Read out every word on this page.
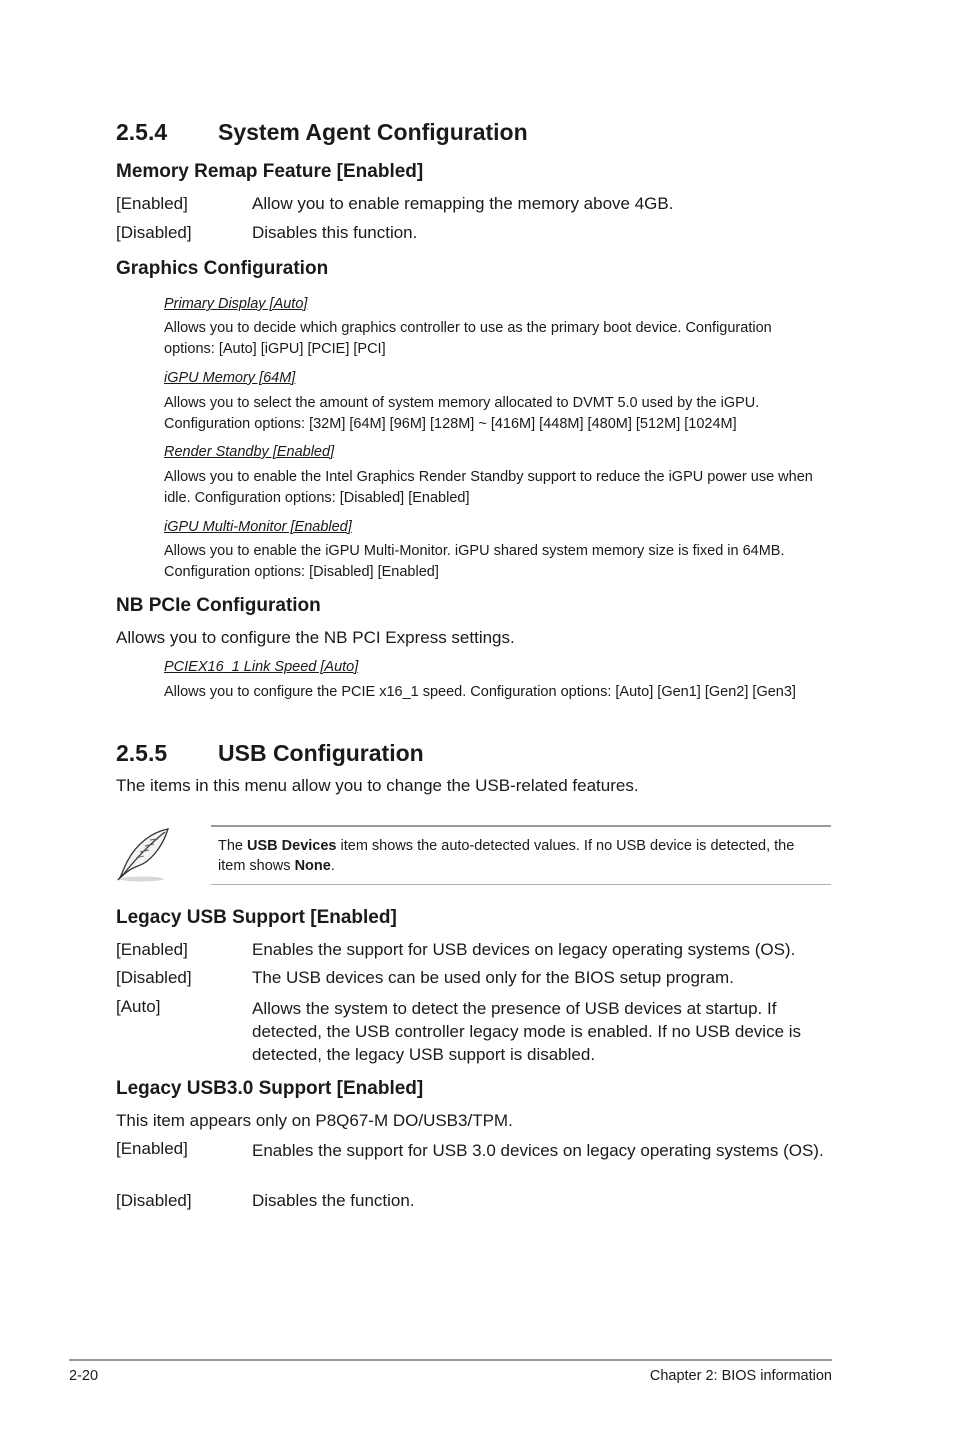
2.5.4 System Agent Configuration
Memory Remap Feature [Enabled]
[Enabled]	Allow you to enable remapping the memory above 4GB.
[Disabled]	Disables this function.
Graphics Configuration
Primary Display [Auto]
Allows you to decide which graphics controller to use as the primary boot device. Configuration options: [Auto] [iGPU] [PCIE] [PCI]
iGPU Memory [64M]
Allows you to select the amount of system memory allocated to DVMT 5.0 used by the iGPU. Configuration options: [32M] [64M] [96M] [128M] ~ [416M] [448M] [480M] [512M] [1024M]
Render Standby [Enabled]
Allows you to enable the Intel Graphics Render Standby support to reduce the iGPU power use when idle. Configuration options: [Disabled] [Enabled]
iGPU Multi-Monitor [Enabled]
Allows you to enable the iGPU Multi-Monitor. iGPU shared system memory size is fixed in 64MB. Configuration options: [Disabled] [Enabled]
NB PCIe Configuration
Allows you to configure the NB PCI Express settings.
PCIEX16_1 Link Speed [Auto]
Allows you to configure the PCIE x16_1 speed. Configuration options: [Auto] [Gen1] [Gen2] [Gen3]
2.5.5 USB Configuration
The items in this menu allow you to change the USB-related features.
The USB Devices item shows the auto-detected values. If no USB device is detected, the item shows None.
Legacy USB Support [Enabled]
[Enabled]	Enables the support for USB devices on legacy operating systems (OS).
[Disabled]	The USB devices can be used only for the BIOS setup program.
[Auto]	Allows the system to detect the presence of USB devices at startup. If detected, the USB controller legacy mode is enabled. If no USB device is detected, the legacy USB support is disabled.
Legacy USB3.0 Support [Enabled]
This item appears only on P8Q67-M DO/USB3/TPM.
[Enabled]	Enables the support for USB 3.0 devices on legacy operating systems (OS).
[Disabled]	Disables the function.
2-20	Chapter 2: BIOS information
